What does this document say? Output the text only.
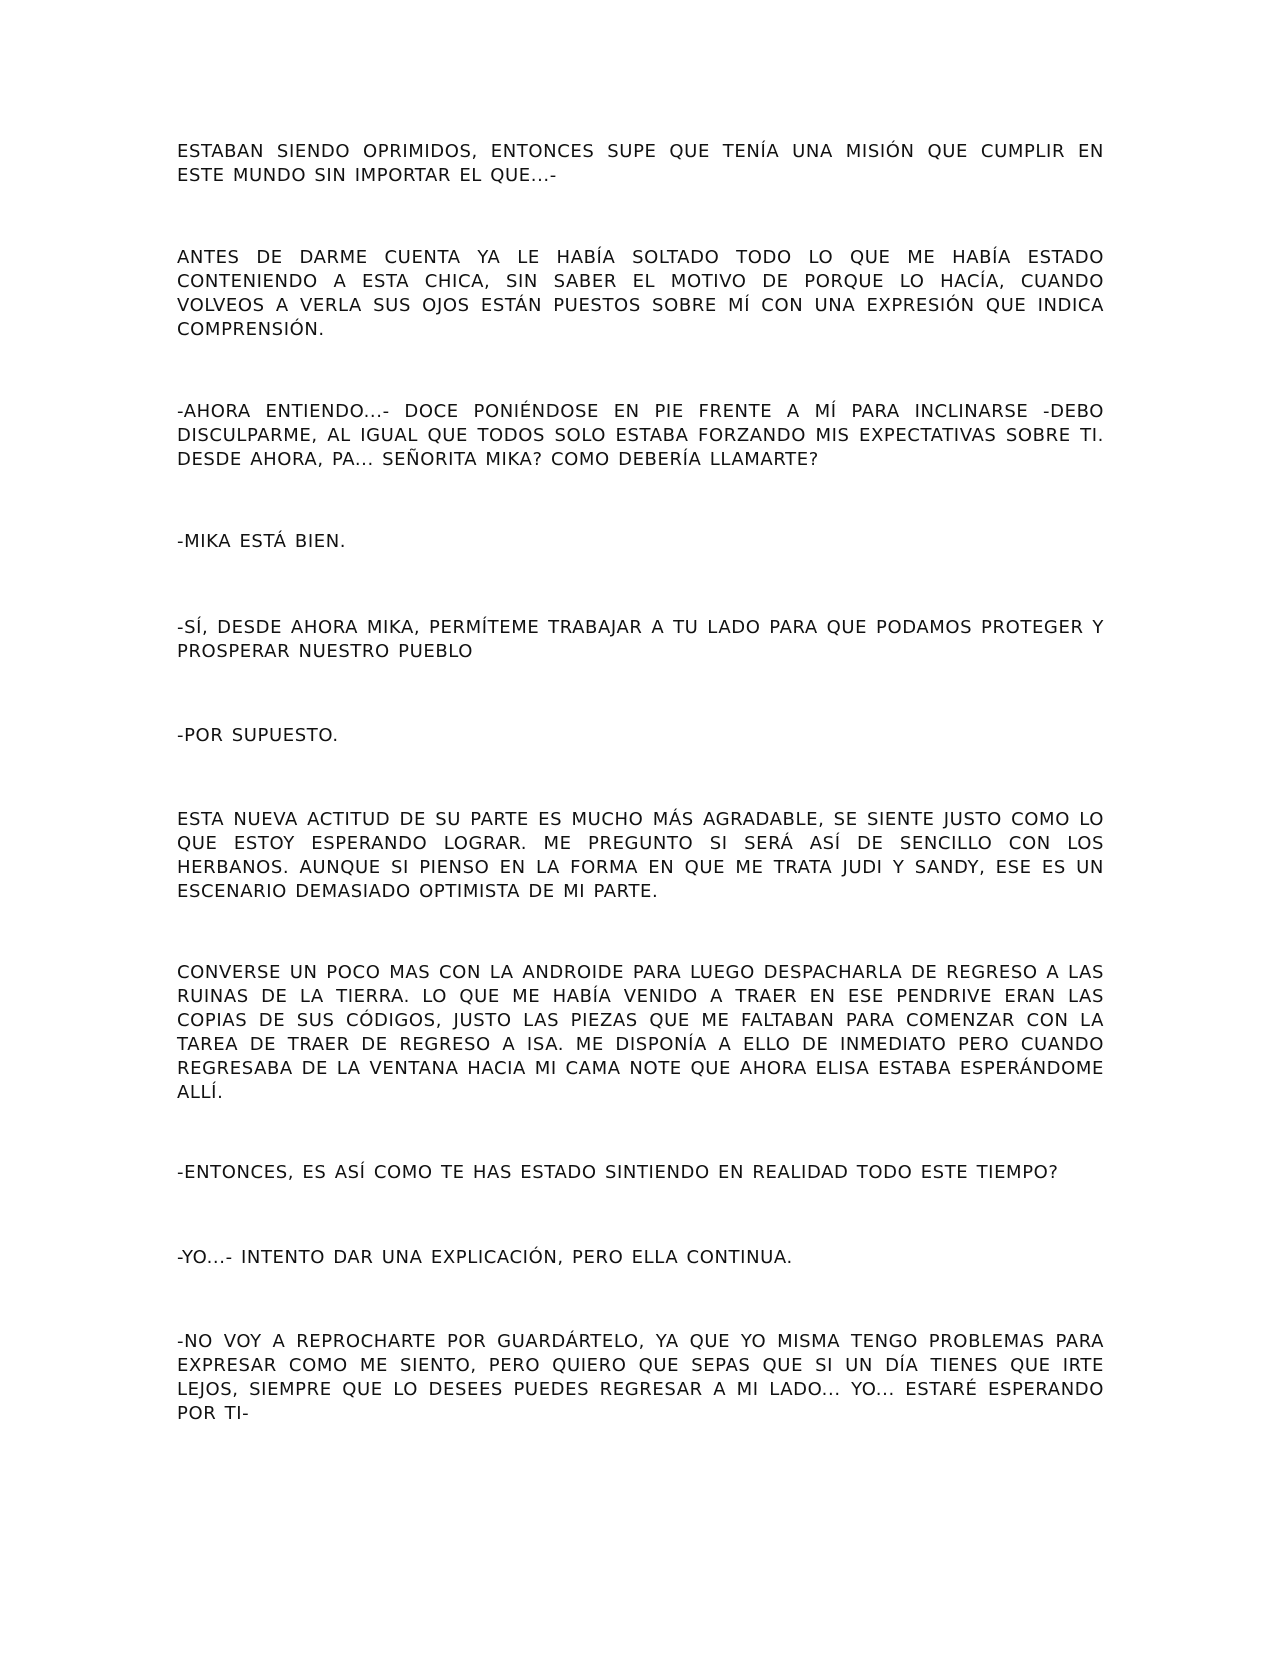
ESTABAN SIENDO OPRIMIDOS, ENTONCES SUPE QUE TENÍA UNA MISIÓN QUE CUMPLIR EN ESTE MUNDO SIN IMPORTAR EL QUE...-

ANTES DE DARME CUENTA YA LE HABÍA SOLTADO TODO LO QUE ME HABÍA ESTADO CONTENIENDO A ESTA CHICA, SIN SABER EL MOTIVO DE PORQUE LO HACÍA, CUANDO VOLVEOS A VERLA SUS OJOS ESTÁN PUESTOS SOBRE MÍ CON UNA EXPRESIÓN QUE INDICA COMPRENSIÓN.

-AHORA ENTIENDO...- DOCE PONIÉNDOSE EN PIE FRENTE A MÍ PARA INCLINARSE -DEBO DISCULPARME, AL IGUAL QUE TODOS SOLO ESTABA FORZANDO MIS EXPECTATIVAS SOBRE TI. DESDE AHORA, PA... SEÑORITA MIKA? COMO DEBERÍA LLAMARTE?

-MIKA ESTÁ BIEN.

-SÍ, DESDE AHORA MIKA, PERMÍTEME TRABAJAR A TU LADO PARA QUE PODAMOS PROTEGER Y PROSPERAR NUESTRO PUEBLO

-POR SUPUESTO.

ESTA NUEVA ACTITUD DE SU PARTE ES MUCHO MÁS AGRADABLE, SE SIENTE JUSTO COMO LO QUE ESTOY ESPERANDO LOGRAR. ME PREGUNTO SI SERÁ ASÍ DE SENCILLO CON LOS HERBANOS. AUNQUE SI PIENSO EN LA FORMA EN QUE ME TRATA JUDI Y SANDY, ESE ES UN ESCENARIO DEMASIADO OPTIMISTA DE MI PARTE.

CONVERSE UN POCO MAS CON LA ANDROIDE PARA LUEGO DESPACHARLA DE REGRESO A LAS RUINAS DE LA TIERRA. LO QUE ME HABÍA VENIDO A TRAER EN ESE PENDRIVE ERAN LAS COPIAS DE SUS CÓDIGOS, JUSTO LAS PIEZAS QUE ME FALTABAN PARA COMENZAR CON LA TAREA DE TRAER DE REGRESO A ISA. ME DISPONÍA A ELLO DE INMEDIATO PERO CUANDO REGRESABA DE LA VENTANA HACIA MI CAMA NOTE QUE AHORA ELISA ESTABA ESPERÁNDOME ALLÍ.

-ENTONCES, ES ASÍ COMO TE HAS ESTADO SINTIENDO EN REALIDAD TODO ESTE TIEMPO?

-YO...- INTENTO DAR UNA EXPLICACIÓN, PERO ELLA CONTINUA.

-NO VOY A REPROCHARTE POR GUARDÁRTELO, YA QUE YO MISMA TENGO PROBLEMAS PARA EXPRESAR COMO ME SIENTO, PERO QUIERO QUE SEPAS QUE SI UN DÍA TIENES QUE IRTE LEJOS, SIEMPRE QUE LO DESEES PUEDES REGRESAR A MI LADO... YO... ESTARÉ ESPERANDO POR TI-
